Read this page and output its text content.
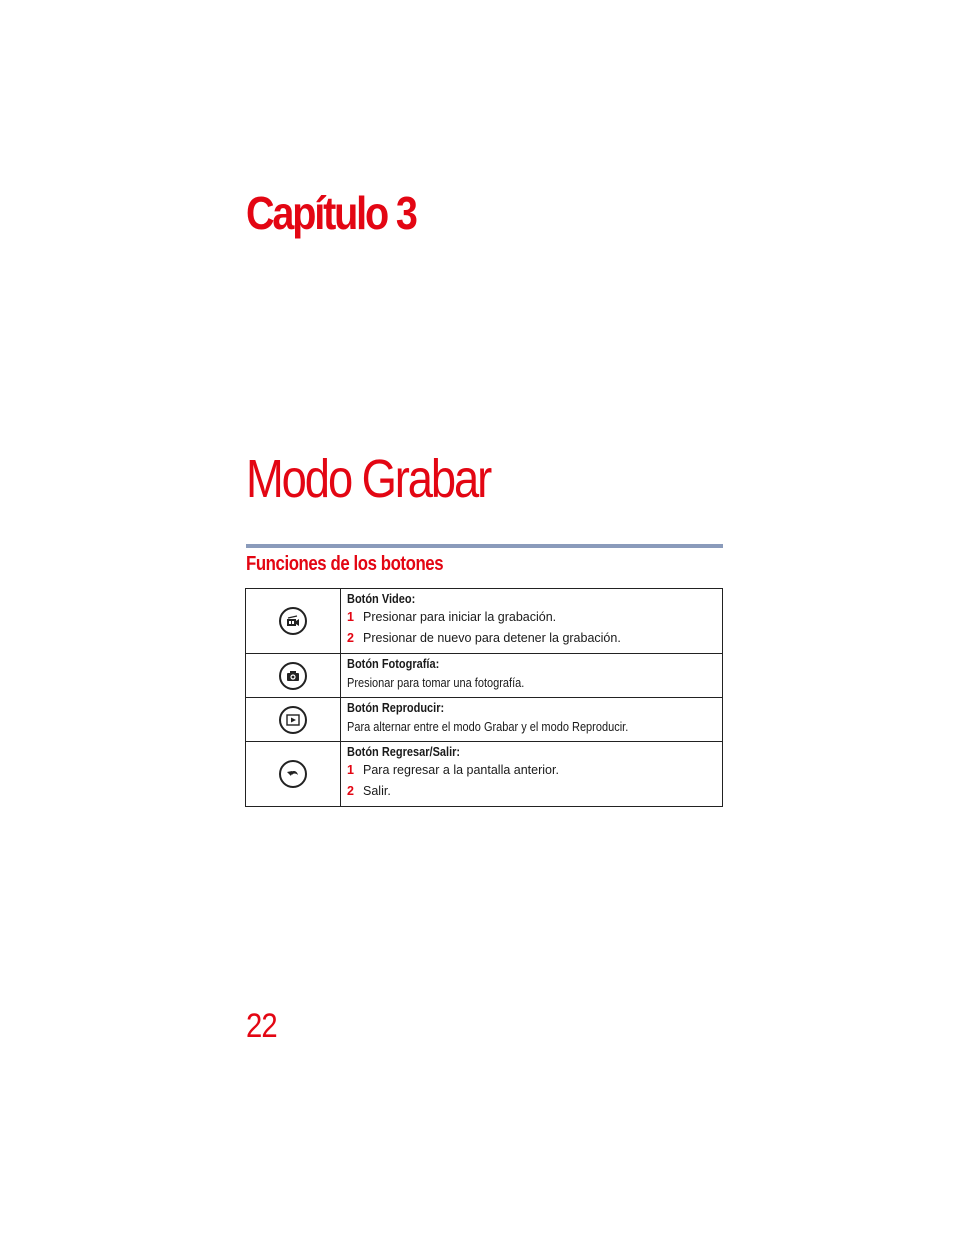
Capítulo 3
Modo Grabar
Funciones de los botones

Botón Video:
1 Presionar para iniciar la grabación.
2 Presionar de nuevo para detener la grabación.

Botón Fotografía:
Presionar para tomar una fotografía.

Botón Reproducir:
Para alternar entre el modo Grabar y el modo Reproducir.

Botón Regresar/Salir:
1 Para regresar a la pantalla anterior.
2 Salir.
22
